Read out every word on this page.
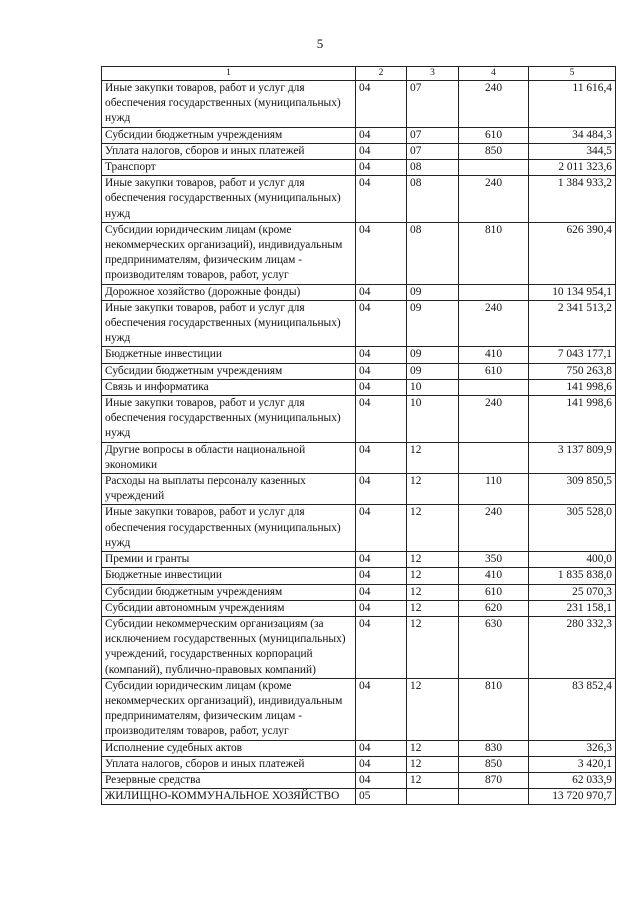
5
1	2	3	4	5
Иные закупки товаров, работ и услуг для обеспечения государственных (муниципальных) нужд	04	07	240	11 616,4
Субсидии бюджетным учреждениям	04	07	610	34 484,3
Уплата налогов, сборов и иных платежей	04	07	850	344,5
Транспорт	04	08		2 011 323,6
Иные закупки товаров, работ и услуг для обеспечения государственных (муниципальных) нужд	04	08	240	1 384 933,2
Субсидии юридическим лицам (кроме некоммерческих организаций), индивидуальным предпринимателям, физическим лицам - производителям товаров, работ, услуг	04	08	810	626 390,4
Дорожное хозяйство (дорожные фонды)	04	09		10 134 954,1
Иные закупки товаров, работ и услуг для обеспечения государственных (муниципальных) нужд	04	09	240	2 341 513,2
Бюджетные инвестиции	04	09	410	7 043 177,1
Субсидии бюджетным учреждениям	04	09	610	750 263,8
Связь и информатика	04	10		141 998,6
Иные закупки товаров, работ и услуг для обеспечения государственных (муниципальных) нужд	04	10	240	141 998,6
Другие вопросы в области национальной экономики	04	12		3 137 809,9
Расходы на выплаты персоналу казенных учреждений	04	12	110	309 850,5
Иные закупки товаров, работ и услуг для обеспечения государственных (муниципальных) нужд	04	12	240	305 528,0
Премии и гранты	04	12	350	400,0
Бюджетные инвестиции	04	12	410	1 835 838,0
Субсидии бюджетным учреждениям	04	12	610	25 070,3
Субсидии автономным учреждениям	04	12	620	231 158,1
Субсидии некоммерческим организациям (за исключением государственных (муниципальных) учреждений, государственных корпораций (компаний), публично-правовых компаний)	04	12	630	280 332,3
Субсидии юридическим лицам (кроме некоммерческих организаций), индивидуальным предпринимателям, физическим лицам - производителям товаров, работ, услуг	04	12	810	83 852,4
Исполнение судебных актов	04	12	830	326,3
Уплата налогов, сборов и иных платежей	04	12	850	3 420,1
Резервные средства	04	12	870	62 033,9
ЖИЛИЩНО-КОММУНАЛЬНОЕ ХОЗЯЙСТВО	05			13 720 970,7
